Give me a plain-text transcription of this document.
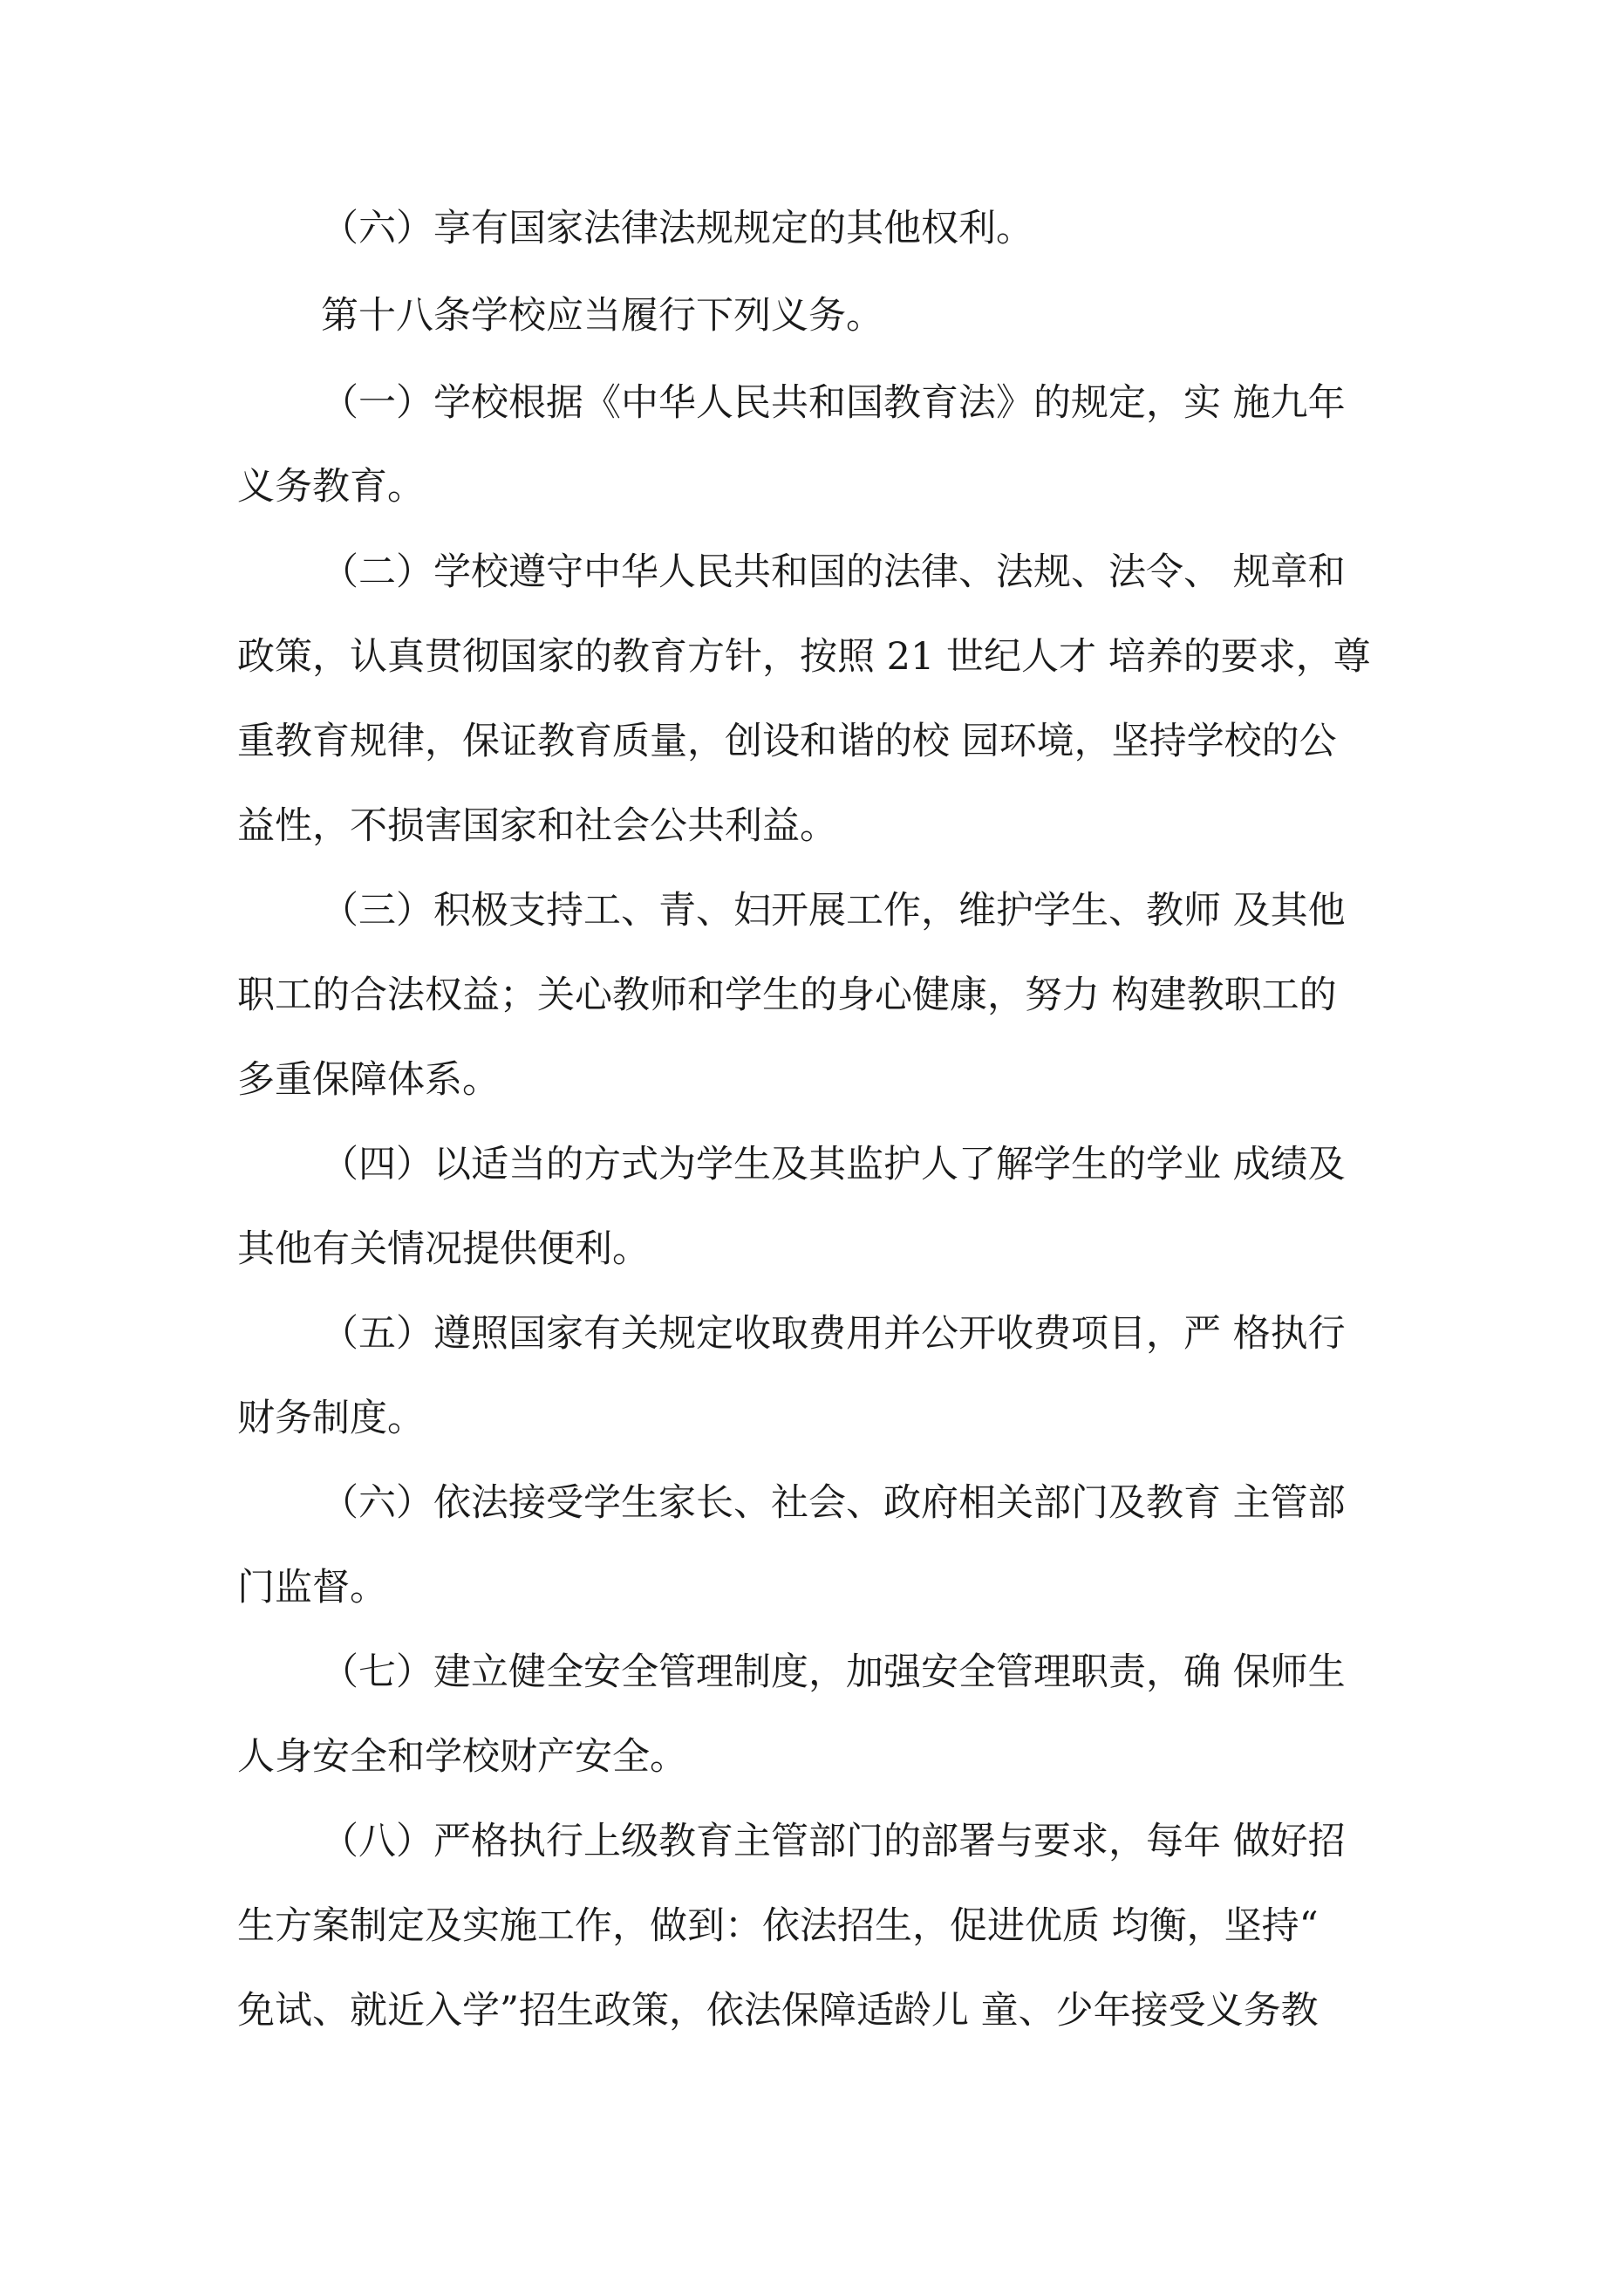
（六）享有国家法律法规规定的其他权利。

第十八条学校应当履行下列义务。

（一）学校根据《中华人民共和国教育法》的规定，实 施九年

义务教育。

（二）学校遵守中华人民共和国的法律、法规、法令、 规章和

政策，认真贯彻国家的教育方针，按照 21 世纪人才 培养的要求，尊

重教育规律，保证教育质量，创设和谐的校 园环境，坚持学校的公

益性，不损害国家和社会公共利益。

（三）积极支持工、青、妇开展工作，维护学生、教师 及其他

职工的合法权益；关心教师和学生的身心健康，努力 构建教职工的

多重保障体系。

（四）以适当的方式为学生及其监护人了解学生的学业 成绩及

其他有关情况提供便利。

（五）遵照国家有关规定收取费用并公开收费项目，严 格执行

财务制度。

（六）依法接受学生家长、社会、政府相关部门及教育 主管部

门监督。

（七）建立健全安全管理制度，加强安全管理职责，确 保师生

人身安全和学校财产安全。

（八）严格执行上级教育主管部门的部署与要求，每年 做好招

生方案制定及实施工作，做到：依法招生，促进优质 均衡，坚持“

免试、就近入学”招生政策，依法保障适龄儿 童、少年接受义务教
